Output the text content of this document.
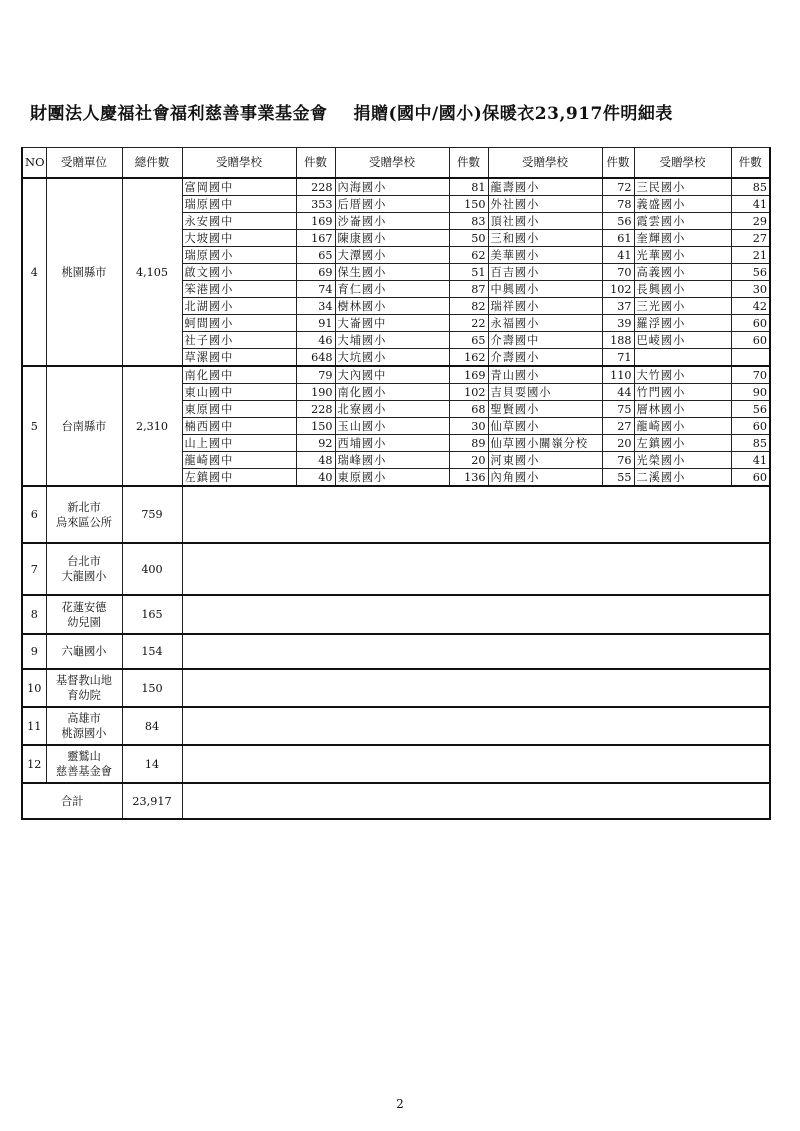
財團法人慶福社會福利慈善事業基金會 捐贈(國中/國小)保暖衣23,917件明細表
NO	受贈單位	總件數	受贈學校	件數	受贈學校	件數	受贈學校	件數	受贈學校	件數
4	桃園縣市	4,105	富岡國中	228	內海國小	81	龍壽國小	72	三民國小	85
			瑞原國中	353	后厝國小	150	外社國小	78	義盛國小	41
			永安國中	169	沙崙國小	83	頂社國小	56	霞雲國小	29
			大坡國中	167	陳康國小	50	三和國小	61	奎輝國小	27
			瑞原國小	65	大潭國小	62	美華國小	41	光華國小	21
			啟文國小	69	保生國小	51	百吉國小	70	高義國小	56
			笨港國小	74	育仁國小	87	中興國小	102	長興國小	30
			北湖國小	34	樹林國小	82	瑞祥國小	37	三光國小	42
			蚵間國小	91	大崙國中	22	永福國小	39	羅浮國小	60
			社子國小	46	大埔國小	65	介壽國中	188	巴崚國小	60
			草漯國中	648	大坑國小	162	介壽國小	71		
5	台南縣市	2,310	南化國中	79	大內國中	169	青山國小	110	大竹國小	70
			東山國中	190	南化國小	102	吉貝耍國小	44	竹門國小	90
			東原國中	228	北寮國小	68	聖賢國小	75	層林國小	56
			楠西國中	150	玉山國小	30	仙草國小	27	龍崎國小	60
			山上國中	92	西埔國小	89	仙草國小關嶺分校	20	左鎮國小	85
			龍崎國中	48	瑞峰國小	20	河東國小	76	光榮國小	41
			左鎮國中	40	東原國小	136	內角國小	55	二溪國小	60
6	新北市
烏來區公所	759								
7	台北市
大龍國小	400								
8	花蓮安德
幼兒園	165								
9	六龜國小	154								
10	基督教山地
育幼院	150								
11	高雄市
桃源國小	84								
12	靈鷲山
慈善基金會	14								
合計		23,917								
2
